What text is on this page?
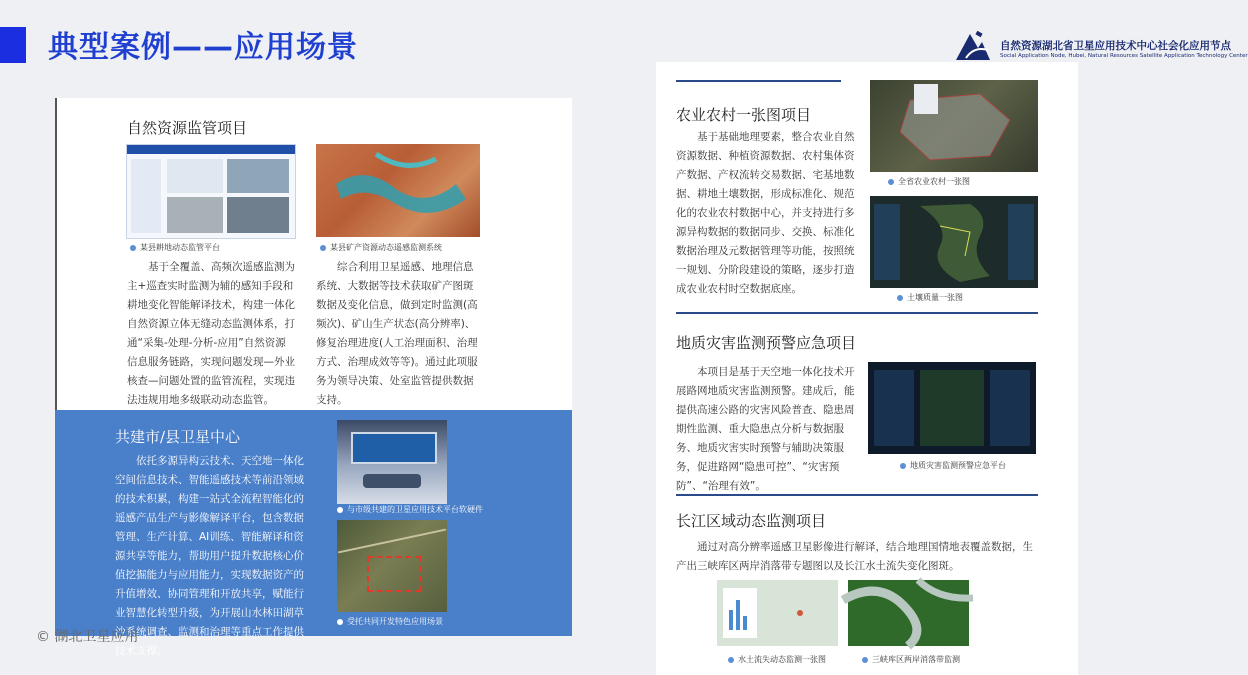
典型案例——应用场景	自然资源湖北省卫星应用技术中心社会化应用节点
Social Application Node, Hubei, Natural Resources Satellite Application Technology Center
自然资源监管项目
某县耕地动态监管平台	某县矿产资源动态遥感监测系统

基于全覆盖、高频次遥感监测为主+巡查实时监测为辅的感知手段和耕地变化智能解译技术，构建一体化自然资源立体无缝动态监测体系，打通“采集-处理-分析-应用”自然资源信息服务链路，实现问题发现—外业核查—问题处置的监管流程，实现违法违规用地多级联动动态监管。

综合利用卫星遥感、地理信息系统、大数据等技术获取矿产图斑数据及变化信息，做到定时监测(高频次)、矿山生产状态(高分辨率)、修复治理进度(人工治理面积、治理方式、治理成效等等)。通过此项服务为领导决策、处室监管提供数据支持。

共建市/县卫星中心

依托多源异构云技术、天空地一体化空间信息技术、智能遥感技术等前沿领域的技术积累，构建一站式全流程智能化的遥感产品生产与影像解译平台，包含数据管理、生产计算、AI训练、智能解译和资源共享等能力，帮助用户提升数据核心价值挖掘能力与应用能力，实现数据资产的升值增效、协同管理和开放共享，赋能行业智慧化转型升级，为开展山水林田湖草沙系统调查、监测和治理等重点工作提供技术支撑。

与市级共建的卫星应用技术平台软硬件
受托共同开发特色应用场景
© 湖北卫星应用
农业农村一张图项目

基于基础地理要素，整合农业自然资源数据、种植资源数据、农村集体资产数据、产权流转交易数据、宅基地数据、耕地土壤数据，形成标准化、规范化的农业农村数据中心，并支持进行多源异构数据的数据同步、交换、标准化数据治理及元数据管理等功能，按照统一规划、分阶段建设的策略，逐步打造成农业农村时空数据底座。

全省农业农村一张图
土壤质量一张图
地质灾害监测预警应急项目

本项目是基于天空地一体化技术开展路网地质灾害监测预警。建成后，能提供高速公路的灾害风险普查、隐患周期性监测、重大隐患点分析与数据服务、地质灾害实时预警与辅助决策服务，促进路网“隐患可控”、“灾害预防”、“治理有效”。

地质灾害监测预警应急平台
长江区域动态监测项目

通过对高分辨率遥感卫星影像进行解译，结合地理国情地表覆盖数据，生产出三峡库区两岸消落带专题图以及长江水土流失变化图斑。

水土流失动态监测一张图	三峡库区两岸消落带监测
